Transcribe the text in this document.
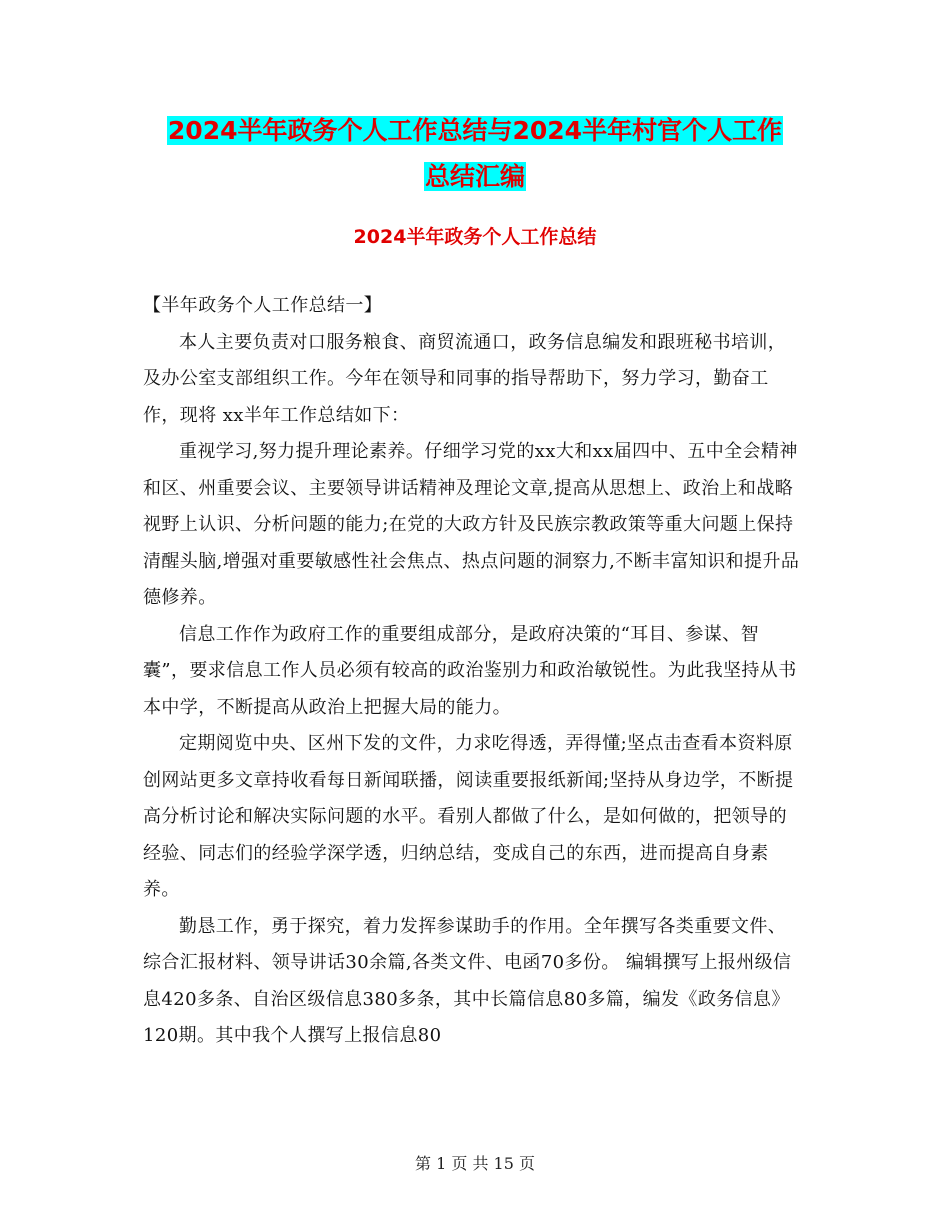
2024半年政务个人工作总结与2024半年村官个人工作
总结汇编
2024半年政务个人工作总结

【半年政务个人工作总结一】

本人主要负责对口服务粮食、商贸流通口，政务信息编发和跟班秘书培训，及办公室支部组织工作。今年在领导和同事的指导帮助下，努力学习，勤奋工作，现将 xx半年工作总结如下：

重视学习,努力提升理论素养。仔细学习党的xx大和xx届四中、五中全会精神和区、州重要会议、主要领导讲话精神及理论文章,提高从思想上、政治上和战略视野上认识、分析问题的能力;在党的大政方针及民族宗教政策等重大问题上保持清醒头脑,增强对重要敏感性社会焦点、热点问题的洞察力,不断丰富知识和提升品德修养。

信息工作作为政府工作的重要组成部分，是政府决策的“耳目、参谋、智囊”，要求信息工作人员必须有较高的政治鉴别力和政治敏锐性。为此我坚持从书本中学，不断提高从政治上把握大局的能力。

定期阅览中央、区州下发的文件，力求吃得透，弄得懂;坚点击查看本资料原创网站更多文章持收看每日新闻联播，阅读重要报纸新闻;坚持从身边学，不断提高分析讨论和解决实际问题的水平。看别人都做了什么，是如何做的，把领导的经验、同志们的经验学深学透，归纳总结，变成自己的东西，进而提高自身素养。

勤恳工作，勇于探究，着力发挥参谋助手的作用。全年撰写各类重要文件、综合汇报材料、领导讲话30余篇,各类文件、电函70多份。 编辑撰写上报州级信息420多条、自治区级信息380多条，其中长篇信息80多篇，编发《政务信息》120期。其中我个人撰写上报信息80

第 1 页 共 15 页
